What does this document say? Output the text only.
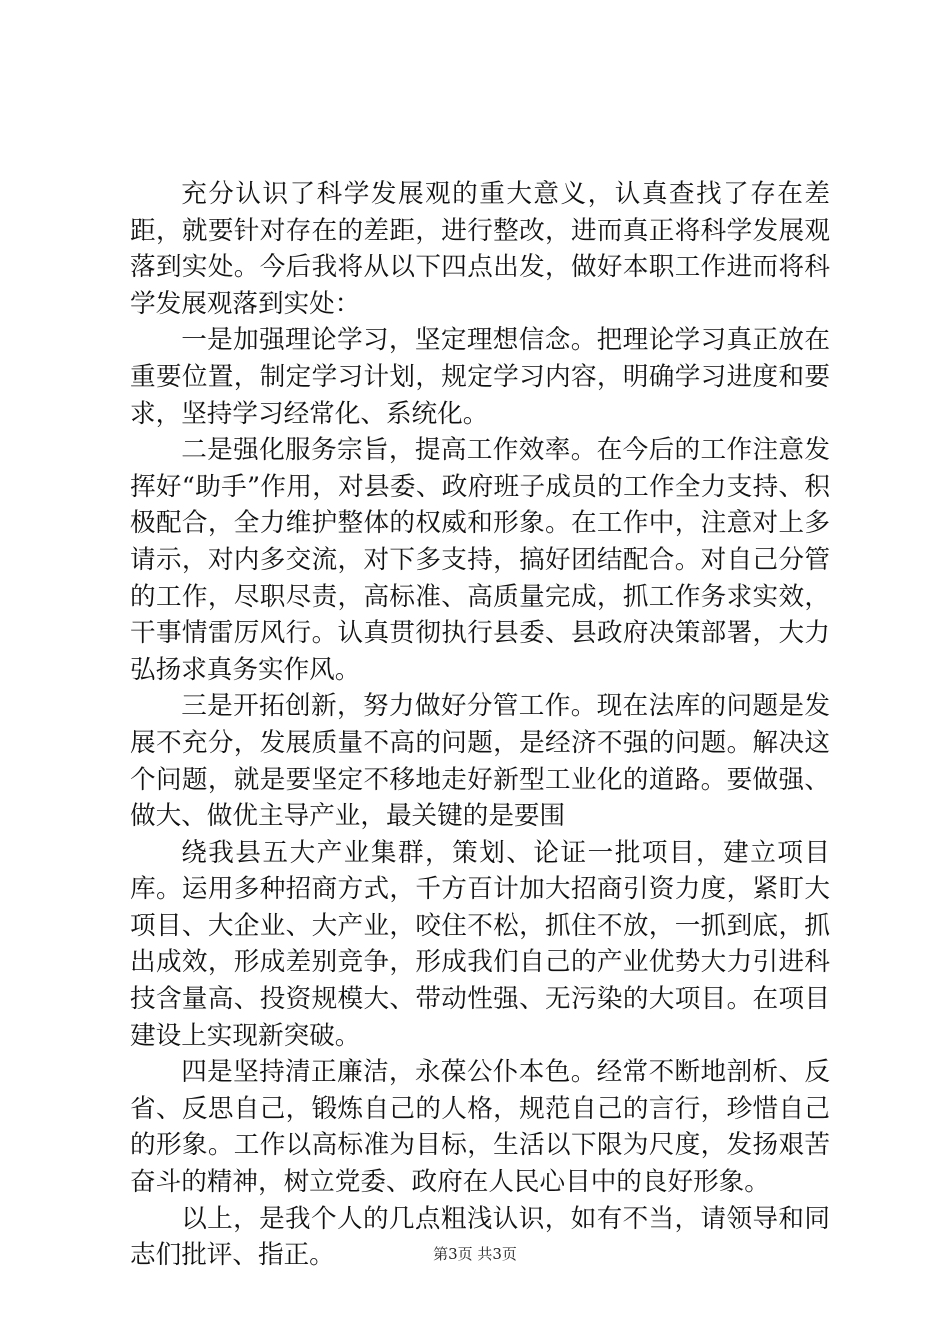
充分认识了科学发展观的重大意义，认真查找了存在差距，就要针对存在的差距，进行整改，进而真正将科学发展观落到实处。今后我将从以下四点出发，做好本职工作进而将科学发展观落到实处：

一是加强理论学习，坚定理想信念。把理论学习真正放在重要位置，制定学习计划，规定学习内容，明确学习进度和要求，坚持学习经常化、系统化。

二是强化服务宗旨，提高工作效率。在今后的工作注意发挥好“助手”作用，对县委、政府班子成员的工作全力支持、积极配合，全力维护整体的权威和形象。在工作中，注意对上多请示，对内多交流，对下多支持，搞好团结配合。对自己分管的工作，尽职尽责，高标准、高质量完成，抓工作务求实效，干事情雷厉风行。认真贯彻执行县委、县政府决策部署，大力弘扬求真务实作风。

三是开拓创新，努力做好分管工作。现在法库的问题是发展不充分，发展质量不高的问题，是经济不强的问题。解决这个问题，就是要坚定不移地走好新型工业化的道路。要做强、做大、做优主导产业，最关键的是要围

绕我县五大产业集群，策划、论证一批项目，建立项目库。运用多种招商方式，千方百计加大招商引资力度，紧盯大项目、大企业、大产业，咬住不松，抓住不放，一抓到底，抓出成效，形成差别竞争，形成我们自己的产业优势大力引进科技含量高、投资规模大、带动性强、无污染的大项目。在项目建设上实现新突破。

四是坚持清正廉洁，永葆公仆本色。经常不断地剖析、反省、反思自己，锻炼自己的人格，规范自己的言行，珍惜自己的形象。工作以高标准为目标，生活以下限为尺度，发扬艰苦奋斗的精神，树立党委、政府在人民心目中的良好形象。

以上，是我个人的几点粗浅认识，如有不当，请领导和同志们批评、指正。	第3页 共3页
